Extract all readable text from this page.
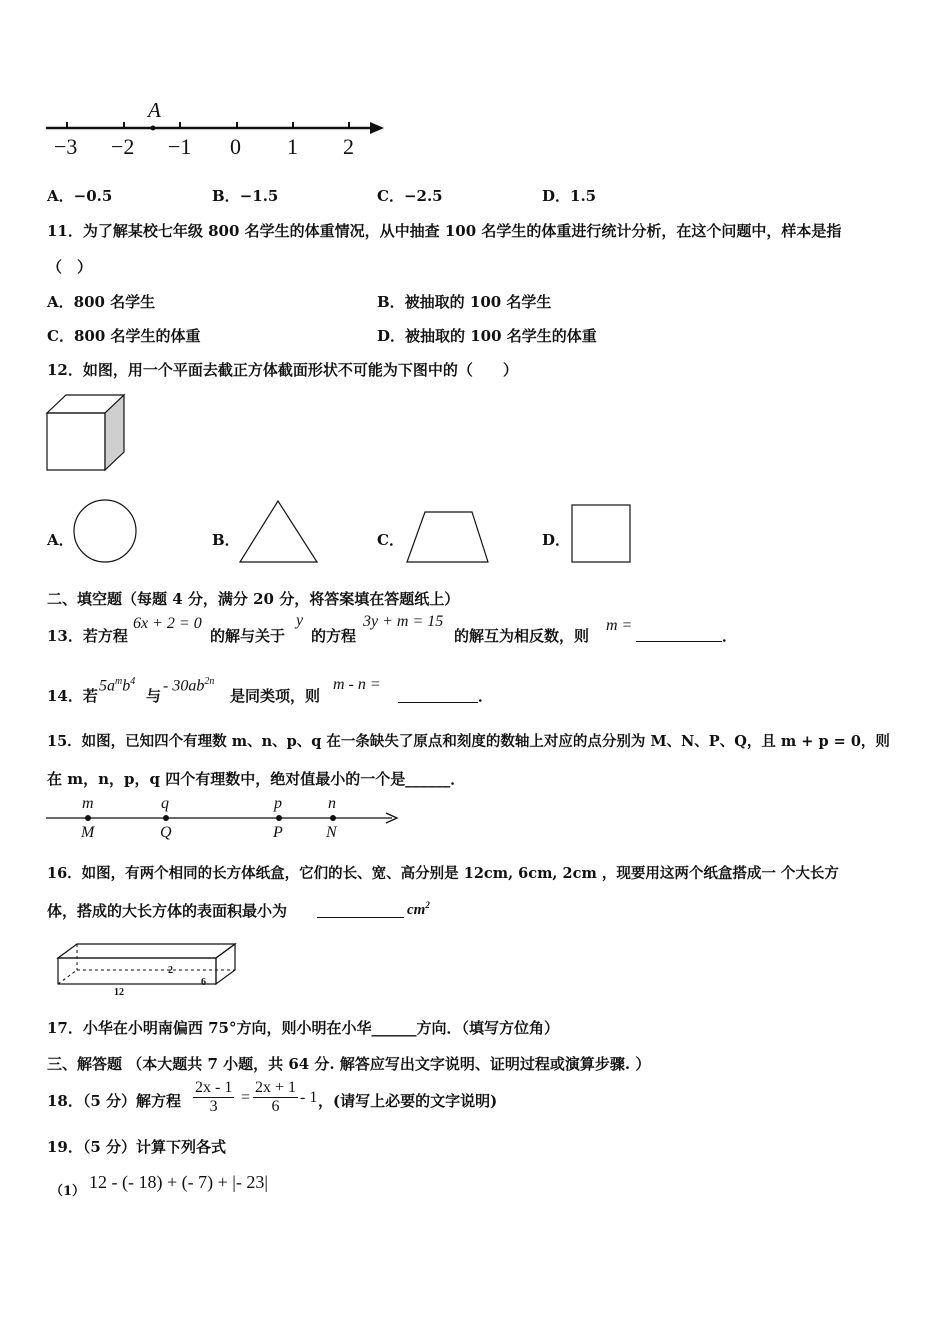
A
−3 −2 −1 0 1 2
A．−0.5	B．−1.5	C．−2.5	D．1.5
11．为了解某校七年级 800 名学生的体重情况，从中抽查 100 名学生的体重进行统计分析，在这个问题中，样本是指
（　）
A．800 名学生	B．被抽取的 100 名学生
C．800 名学生的体重	D．被抽取的 100 名学生的体重
12．如图，用一个平面去截正方体截面形状不可能为下图中的（　　）
A．	B．	C．	D．
二、填空题（每题 4 分，满分 20 分，将答案填在答题纸上）
13．若方程
6x + 2 = 0
的解与关于
y
的方程
3y + m = 15
的解互为相反数，则
m =
．
14．若
$5a^mb^4$
与
- $30ab^{2n}$
是同类项，则
m - n =
．
15．如图，已知四个有理数 m、n、p、q 在一条缺失了原点和刻度的数轴上对应的点分别为 M、N、P、Q，且 m + p = 0，则
在 m，n，p，q 四个有理数中，绝对值最小的一个是______．
m	q	p	n
M	Q	P	N
16．如图，有两个相同的长方体纸盒，它们的长、宽、高分别是 12cm, 6cm, 2cm ，现要用这两个纸盒搭成一 个大长方
体，搭成的大长方体的表面积最小为	$cm^2$
12
6
2
17．小华在小明南偏西 75°方向，则小明在小华______方向．（填写方位角）
三、解答题 （本大题共 7 小题，共 64 分. 解答应写出文字说明、证明过程或演算步骤. ）
18．（5 分）解方程 $\frac{2x - 1}{3} = \frac{2x + 1}{6} - 1$ ，(请写上必要的文字说明)
19．（5 分）计算下列各式
（1） 12 - (- 18) + (- 7) + |- 23|
